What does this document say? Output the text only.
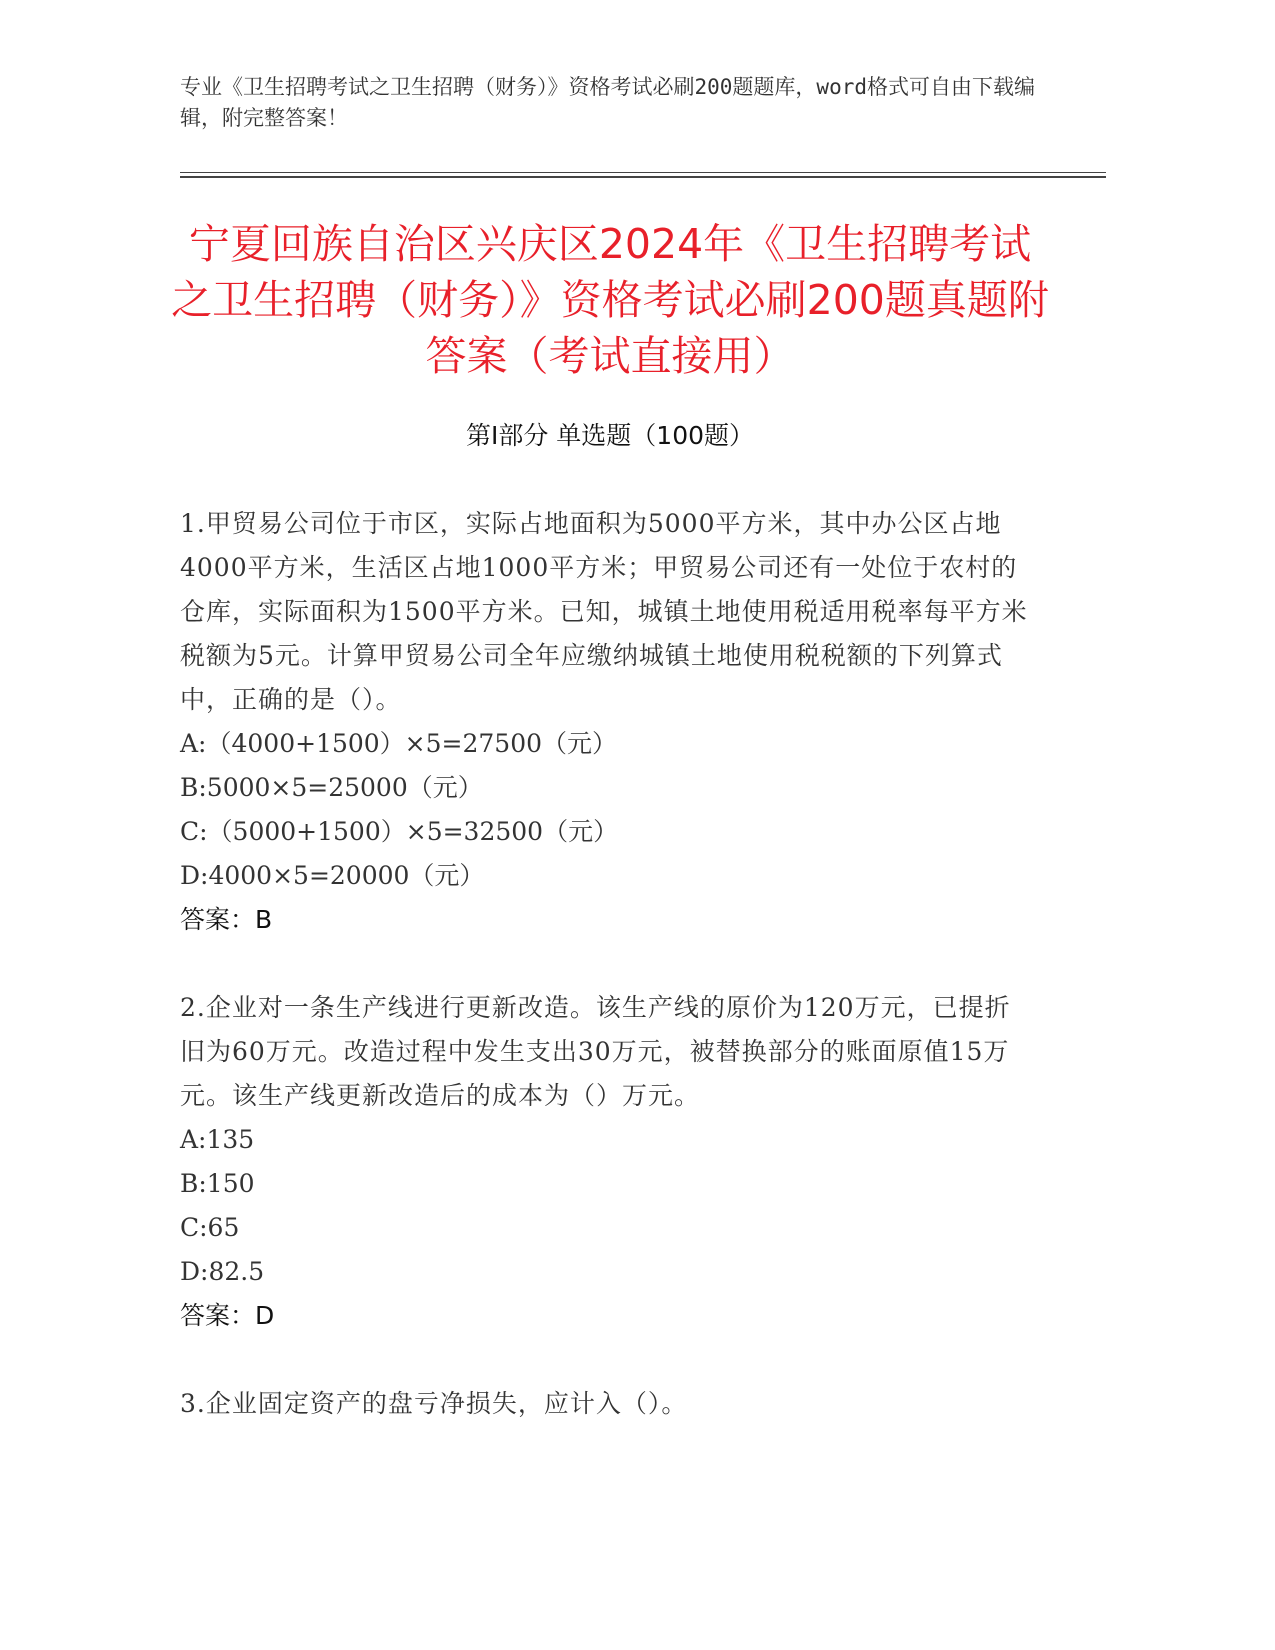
专业《卫生招聘考试之卫生招聘（财务）》资格考试必刷200题题库，word格式可自由下载编辑，附完整答案！
宁夏回族自治区兴庆区2024年《卫生招聘考试之卫生招聘（财务）》资格考试必刷200题真题附答案（考试直接用）
第Ⅰ部分 单选题（100题）

1.甲贸易公司位于市区，实际占地面积为5000平方米，其中办公区占地4000平方米，生活区占地1000平方米；甲贸易公司还有一处位于农村的仓库，实际面积为1500平方米。已知，城镇土地使用税适用税率每平方米税额为5元。计算甲贸易公司全年应缴纳城镇土地使用税税额的下列算式中，正确的是（）。

A:（4000+1500）×5=27500（元）
B:5000×5=25000（元）
C:（5000+1500）×5=32500（元）
D:4000×5=20000（元）
答案：B

2.企业对一条生产线进行更新改造。该生产线的原价为120万元，已提折旧为60万元。改造过程中发生支出30万元，被替换部分的账面原值15万元。该生产线更新改造后的成本为（）万元。

A:135
B:150
C:65
D:82.5
答案：D

3.企业固定资产的盘亏净损失，应计入（）。
